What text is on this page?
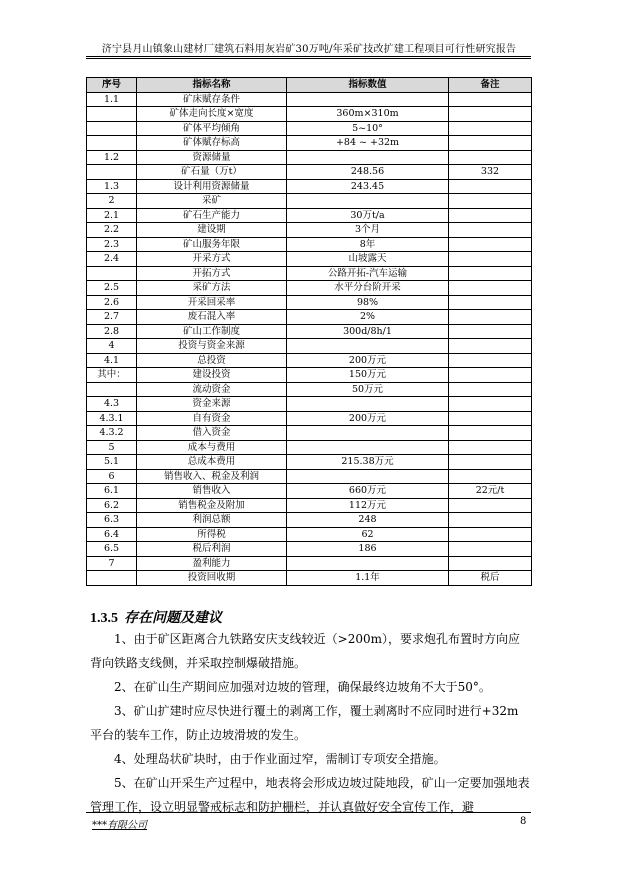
济宁县月山镇象山建材厂建筑石料用灰岩矿30万吨/年采矿技改扩建工程项目可行性研究报告
序号	指标名称	指标数值	备注
1.1	矿床赋存条件		
	矿体走向长度×宽度	360m×310m	
	矿体平均倾角	5~10°	
	矿体赋存标高	+84 ~ +32m	
1.2	资源储量		
	矿石量（万t）	248.56	332
1.3	设计利用资源储量	243.45	
2	采矿		
2.1	矿石生产能力	30万t/a	
2.2	建设期	3个月	
2.3	矿山服务年限	8年	
2.4	开采方式	山坡露天	
	开拓方式	公路开拓-汽车运输	
2.5	采矿方法	水平分台阶开采	
2.6	开采回采率	98%	
2.7	废石混入率	2%	
2.8	矿山工作制度	300d/8h/1	
4	投资与资金来源		
4.1	总投资	200万元	
其中：	建设投资	150万元	
	流动资金	50万元	
4.3	资金来源		
4.3.1	自有资金	200万元	
4.3.2	借入资金		
5	成本与费用		
5.1	总成本费用	215.38万元	
6	销售收入、税金及利润		
6.1	销售收入	660万元	22元/t
6.2	销售税金及附加	112万元	
6.3	利润总额	248	
6.4	所得税	62	
6.5	税后利润	186	
7	盈利能力		
	投资回收期	1.1年	税后
1.3.5 存在问题及建议

1、由于矿区距离合九铁路安庆支线较近（>200m），要求炮孔布置时方向应背向铁路支线侧，并采取控制爆破措施。

2、在矿山生产期间应加强对边坡的管理，确保最终边坡角不大于50°。

3、矿山扩建时应尽快进行覆土的剥离工作，覆土剥离时不应同时进行+32m平台的装车工作，防止边坡滑坡的发生。

4、处理岛状矿块时，由于作业面过窄，需制订专项安全措施。

5、在矿山开采生产过程中，地表将会形成边坡过陡地段，矿山一定要加强地表管理工作，设立明显警戒标志和防护栅栏，并认真做好安全宣传工作，避

***有限公司	8
